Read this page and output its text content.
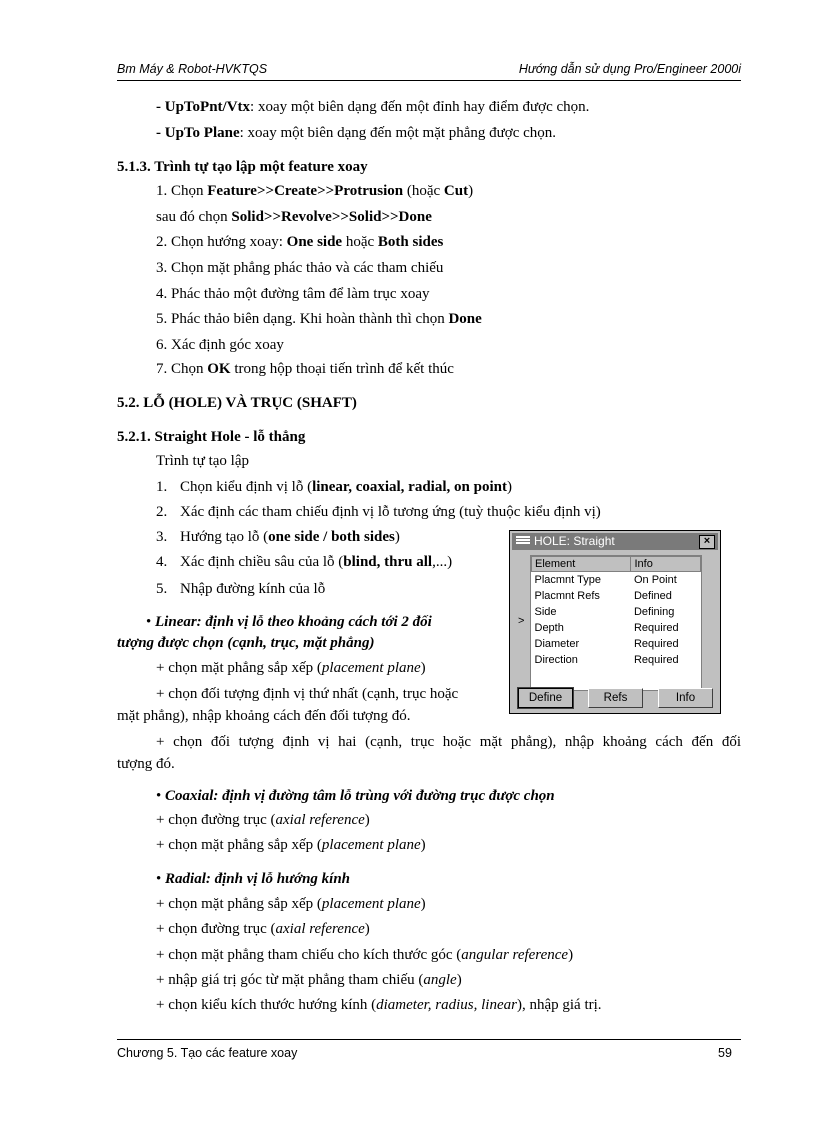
Bm Máy & Robot-HVKTQS	Hướng dẫn sử dụng Pro/Engineer 2000i
- UpToPnt/Vtx: xoay một biên dạng đến một đỉnh hay điểm được chọn.
- UpTo Plane: xoay một biên dạng đến một mặt phẳng được chọn.
5.1.3. Trình tự tạo lập một feature xoay
1. Chọn Feature>>Create>>Protrusion (hoặc Cut)
sau đó chọn Solid>>Revolve>>Solid>>Done
2. Chọn hướng xoay: One side hoặc Both sides
3. Chọn mặt phẳng phác thảo và các tham chiếu
4. Phác thảo một đường tâm để làm trục xoay
5. Phác thảo biên dạng. Khi hoàn thành thì chọn Done
6. Xác định góc xoay
7. Chọn OK trong hộp thoại tiến trình để kết thúc
5.2. LỖ (HOLE) VÀ TRỤC (SHAFT)
5.2.1. Straight Hole - lỗ thẳng
Trình tự tạo lập
1. Chọn kiểu định vị lỗ (linear, coaxial, radial, on point)
2. Xác định các tham chiếu định vị lỗ tương ứng (tuỳ thuộc kiểu định vị)
3. Hướng tạo lỗ (one side / both sides)
4. Xác định chiều sâu của lỗ (blind, thru all,...)
5. Nhập đường kính của lỗ
• Linear: định vị lỗ theo khoảng cách tới 2 đối
tượng được chọn (cạnh, trục, mặt phẳng)
+ chọn mặt phẳng sắp xếp (placement plane)
+ chọn đối tượng định vị thứ nhất (cạnh, trục hoặc
mặt phẳng), nhập khoảng cách đến đối tượng đó.
+ chọn đối tượng định vị hai (cạnh, trục hoặc mặt phẳng), nhập khoảng cách đến đối
tượng đó.
• Coaxial: định vị đường tâm lỗ trùng với đường trục được chọn
+ chọn đường trục (axial reference)
+ chọn mặt phẳng sắp xếp (placement plane)
• Radial: định vị lỗ hướng kính
+ chọn mặt phẳng sắp xếp (placement plane)
+ chọn đường trục (axial reference)
+ chọn mặt phẳng tham chiếu cho kích thước góc (angular reference)
+ nhập giá trị góc từ mặt phẳng tham chiếu (angle)
+ chọn kiểu kích thước hướng kính (diameter, radius, linear), nhập giá trị.
HOLE: Straight	×
>
Element	Info
Placmnt Type	On Point
Placmnt Refs	Defined
Side	Defining
Depth	Required
Diameter	Required
Direction	Required
Define	Refs	Info
Chương 5. Tạo các feature xoay	59
